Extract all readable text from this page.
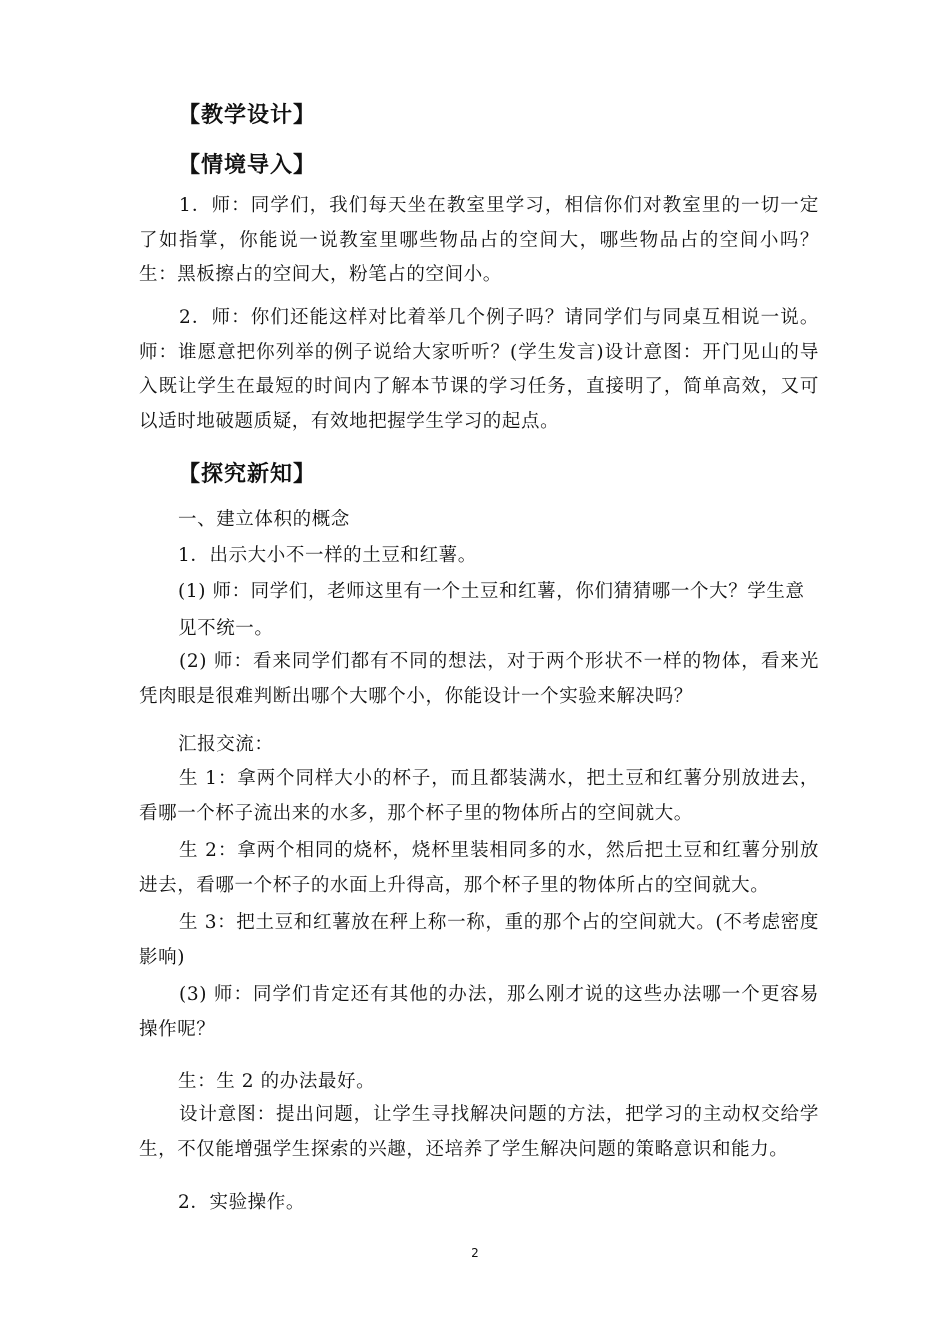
【教学设计】
【情境导入】

1．师：同学们，我们每天坐在教室里学习，相信你们对教室里的一切一定了如指掌，你能说一说教室里哪些物品占的空间大，哪些物品占的空间小吗？生：黑板擦占的空间大，粉笔占的空间小。

2．师：你们还能这样对比着举几个例子吗？请同学们与同桌互相说一说。师：谁愿意把你列举的例子说给大家听听？(学生发言)设计意图：开门见山的导入既让学生在最短的时间内了解本节课的学习任务，直接明了，简单高效，又可以适时地破题质疑，有效地把握学生学习的起点。

【探究新知】

一、建立体积的概念

1．出示大小不一样的土豆和红薯。

(1) 师：同学们，老师这里有一个土豆和红薯，你们猜猜哪一个大？学生意

见不统一。

(2) 师：看来同学们都有不同的想法，对于两个形状不一样的物体，看来光凭肉眼是很难判断出哪个大哪个小，你能设计一个实验来解决吗？

汇报交流：

生 1：拿两个同样大小的杯子，而且都装满水，把土豆和红薯分别放进去，看哪一个杯子流出来的水多，那个杯子里的物体所占的空间就大。

生 2：拿两个相同的烧杯，烧杯里装相同多的水，然后把土豆和红薯分别放进去，看哪一个杯子的水面上升得高，那个杯子里的物体所占的空间就大。

生 3：把土豆和红薯放在秤上称一称，重的那个占的空间就大。(不考虑密度影响)

(3) 师：同学们肯定还有其他的办法，那么刚才说的这些办法哪一个更容易操作呢？

生：生 2 的办法最好。

设计意图：提出问题，让学生寻找解决问题的方法，把学习的主动权交给学生，不仅能增强学生探索的兴趣，还培养了学生解决问题的策略意识和能力。

2．实验操作。

2
